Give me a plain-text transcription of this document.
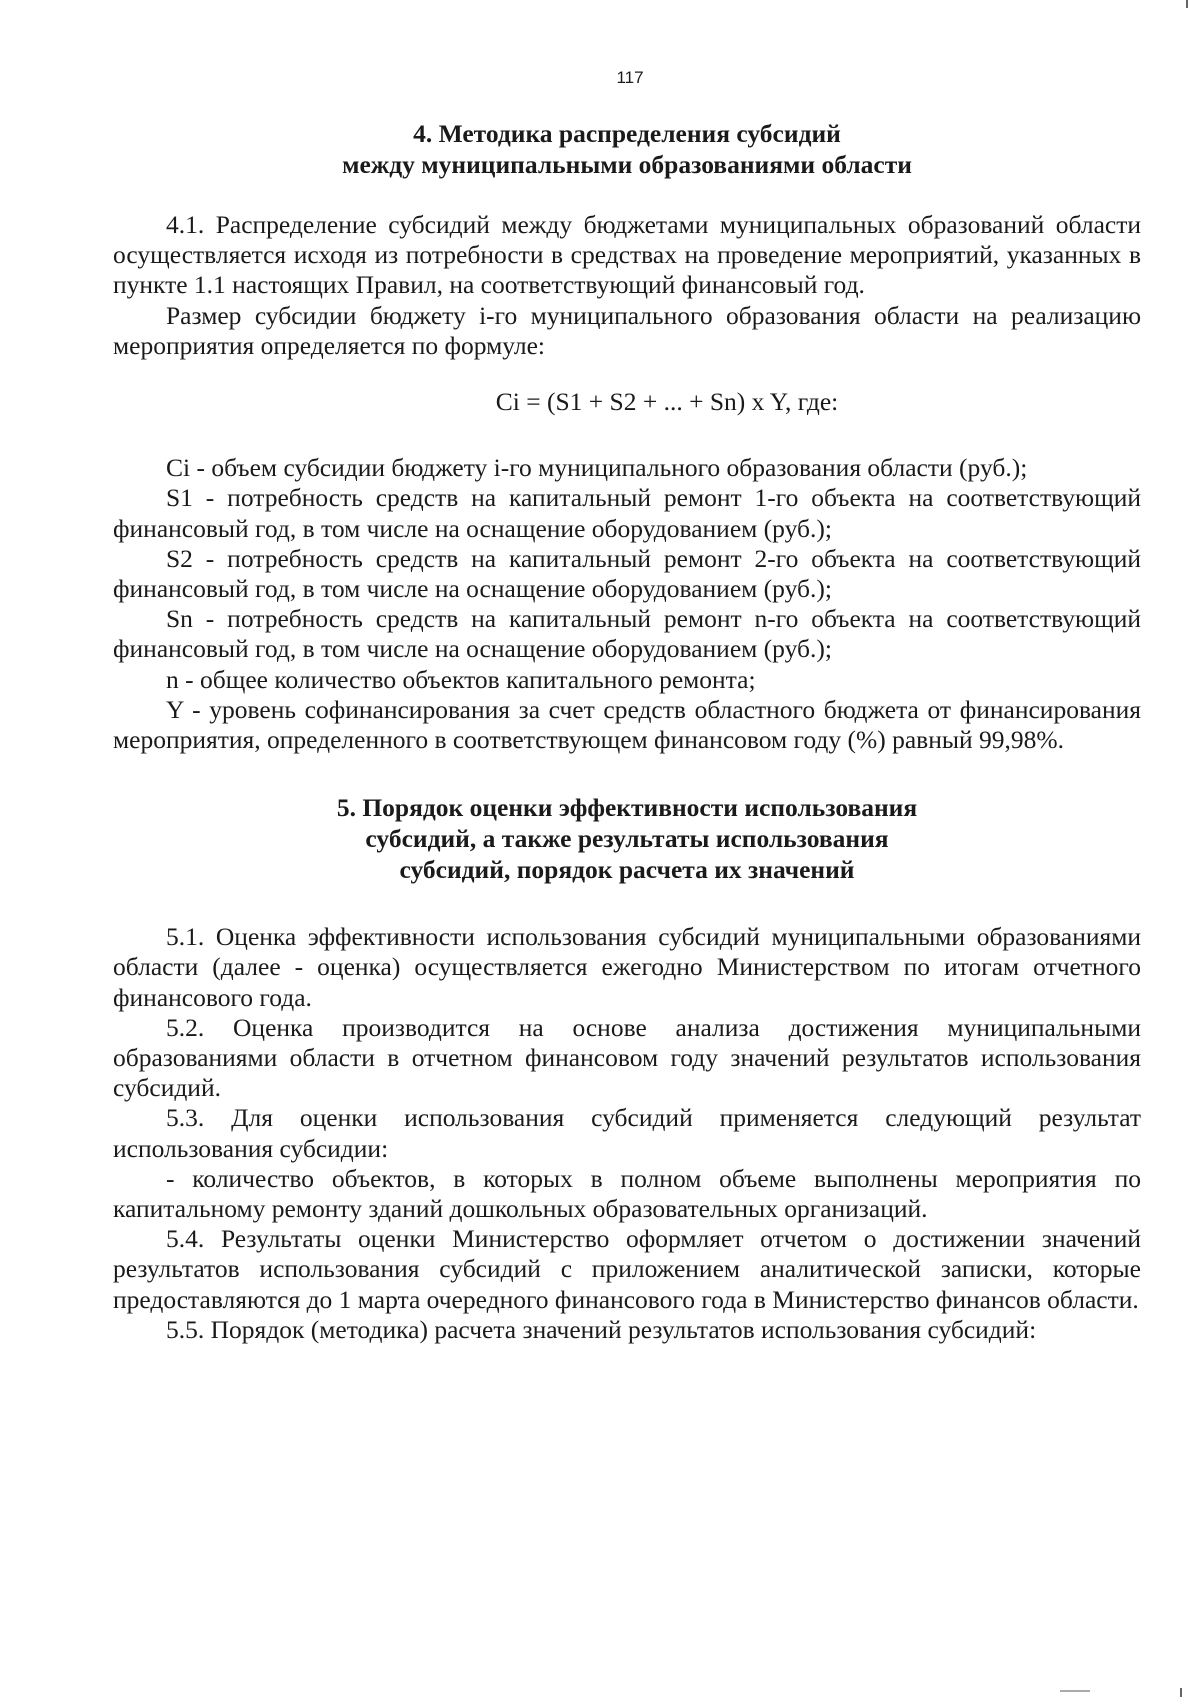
117
4. Методика распределения субсидий
между муниципальными образованиями области

4.1. Распределение субсидий между бюджетами муниципальных образований области осуществляется исходя из потребности в средствах на проведение мероприятий, указанных в пункте 1.1 настоящих Правил, на соответствующий финансовый год.

Размер субсидии бюджету i-го муниципального образования области на реализацию мероприятия определяется по формуле:

Ci = (S1 + S2 + ... + Sn) x Y, где:

Ci - объем субсидии бюджету i-го муниципального образования области (руб.);

S1 - потребность средств на капитальный ремонт 1-го объекта на соответствующий финансовый год, в том числе на оснащение оборудованием (руб.);

S2 - потребность средств на капитальный ремонт 2-го объекта на соответствующий финансовый год, в том числе на оснащение оборудованием (руб.);

Sn - потребность средств на капитальный ремонт n-го объекта на соответствующий финансовый год, в том числе на оснащение оборудованием (руб.);

n - общее количество объектов капитального ремонта;

Y - уровень софинансирования за счет средств областного бюджета от финансирования мероприятия, определенного в соответствующем финансовом году (%) равный 99,98%.

5. Порядок оценки эффективности использования
субсидий, а также результаты использования
субсидий, порядок расчета их значений

5.1. Оценка эффективности использования субсидий муниципальными образованиями области (далее - оценка) осуществляется ежегодно Министерством по итогам отчетного финансового года.

5.2. Оценка производится на основе анализа достижения муниципальными образованиями области в отчетном финансовом году значений результатов использования субсидий.

5.3. Для оценки использования субсидий применяется следующий результат использования субсидии:

- количество объектов, в которых в полном объеме выполнены мероприятия по капитальному ремонту зданий дошкольных образовательных организаций.

5.4. Результаты оценки Министерство оформляет отчетом о достижении значений результатов использования субсидий с приложением аналитической записки, которые предоставляются до 1 марта очередного финансового года в Министерство финансов области.

5.5. Порядок (методика) расчета значений результатов использования субсидий:
